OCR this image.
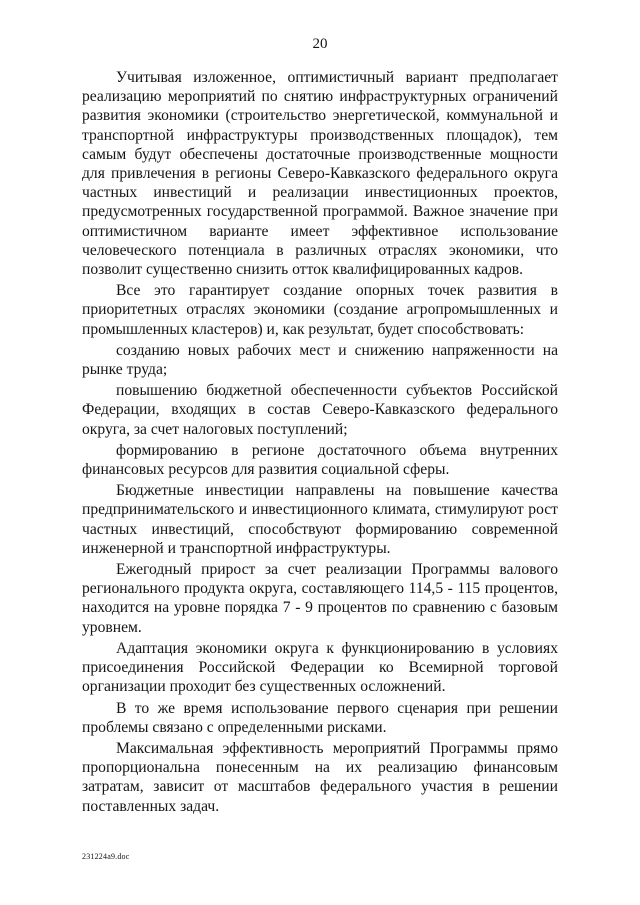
20

Учитывая изложенное, оптимистичный вариант предполагает реализацию мероприятий по снятию инфраструктурных ограничений развития экономики (строительство энергетической, коммунальной и транспортной инфраструктуры производственных площадок), тем самым будут обеспечены достаточные производственные мощности для привлечения в регионы Северо-Кавказского федерального округа частных инвестиций и реализации инвестиционных проектов, предусмотренных государственной программой. Важное значение при оптимистичном варианте имеет эффективное использование человеческого потенциала в различных отраслях экономики, что позволит существенно снизить отток квалифицированных кадров.

Все это гарантирует создание опорных точек развития в приоритетных отраслях экономики (создание агропромышленных и промышленных кластеров) и, как результат, будет способствовать:

созданию новых рабочих мест и снижению напряженности на рынке труда;

повышению бюджетной обеспеченности субъектов Российской Федерации, входящих в состав Северо-Кавказского федерального округа, за счет налоговых поступлений;

формированию в регионе достаточного объема внутренних финансовых ресурсов для развития социальной сферы.

Бюджетные инвестиции направлены на повышение качества предпринимательского и инвестиционного климата, стимулируют рост частных инвестиций, способствуют формированию современной инженерной и транспортной инфраструктуры.

Ежегодный прирост за счет реализации Программы валового регионального продукта округа, составляющего 114,5 - 115 процентов, находится на уровне порядка 7 - 9 процентов по сравнению с базовым уровнем.

Адаптация экономики округа к функционированию в условиях присоединения Российской Федерации ко Всемирной торговой организации проходит без существенных осложнений.

В то же время использование первого сценария при решении проблемы связано с определенными рисками.

Максимальная эффективность мероприятий Программы прямо пропорциональна понесенным на их реализацию финансовым затратам, зависит от масштабов федерального участия в решении поставленных задач.

231224a9.doc
